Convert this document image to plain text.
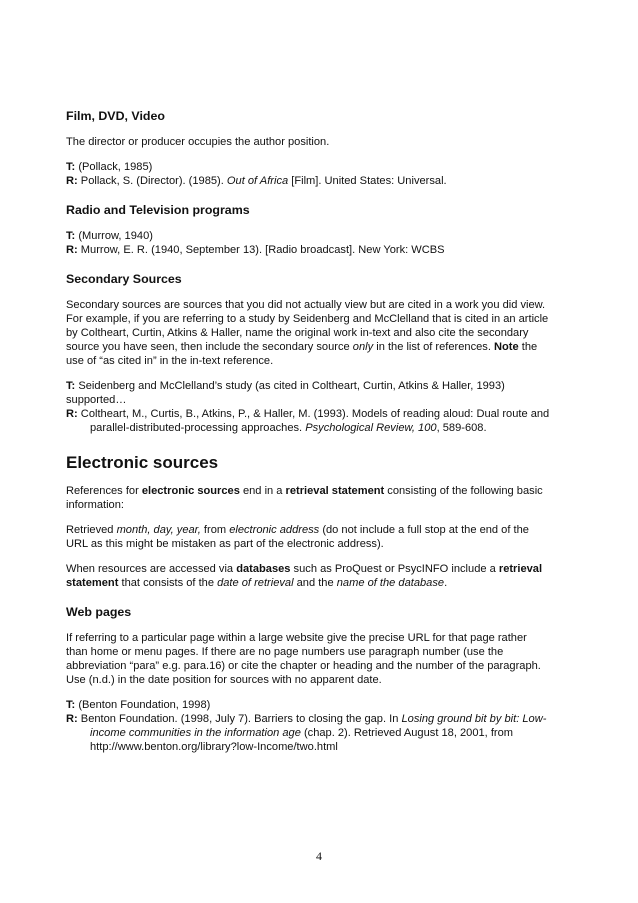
Film, DVD, Video

The director or producer occupies the author position.

T: (Pollack, 1985)

R: Pollack, S. (Director). (1985). Out of Africa [Film]. United States: Universal.

Radio and Television programs

T: (Murrow, 1940)

R: Murrow, E. R. (1940, September 13). [Radio broadcast]. New York: WCBS

Secondary Sources

Secondary sources are sources that you did not actually view but are cited in a work you did view. For example, if you are referring to a study by Seidenberg and McClelland that is cited in an article by Coltheart, Curtin, Atkins & Haller, name the original work in-text and also cite the secondary source you have seen, then include the secondary source only in the list of references. Note the use of “as cited in” in the in-text reference.

T: Seidenberg and McClelland’s study (as cited in Coltheart, Curtin, Atkins & Haller, 1993) supported…

R: Coltheart, M., Curtis, B., Atkins, P., & Haller, M. (1993). Models of reading aloud: Dual route and parallel-distributed-processing approaches. Psychological Review, 100, 589-608.

Electronic sources

References for electronic sources end in a retrieval statement consisting of the following basic information:

Retrieved month, day, year, from electronic address (do not include a full stop at the end of the URL as this might be mistaken as part of the electronic address).

When resources are accessed via databases such as ProQuest or PsycINFO include a retrieval statement that consists of the date of retrieval and the name of the database.

Web pages

If referring to a particular page within a large website give the precise URL for that page rather than home or menu pages. If there are no page numbers use paragraph number (use the abbreviation “para” e.g. para.16) or cite the chapter or heading and the number of the paragraph. Use (n.d.) in the date position for sources with no apparent date.

T: (Benton Foundation, 1998)

R: Benton Foundation. (1998, July 7). Barriers to closing the gap. In Losing ground bit by bit: Low-income communities in the information age (chap. 2). Retrieved August 18, 2001, from http://www.benton.org/library?low-Income/two.html

4
